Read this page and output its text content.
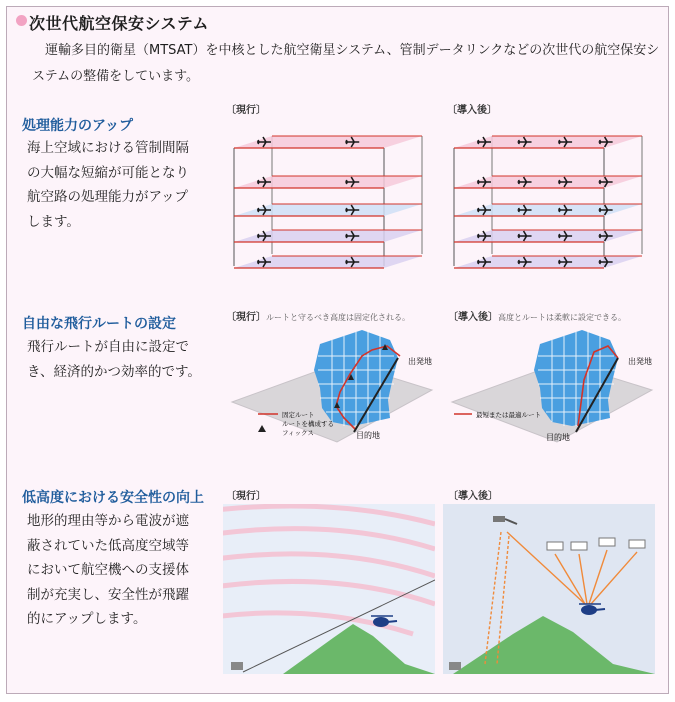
次世代航空保安システム

運輸多目的衛星（MTSAT）を中核とした航空衛星システム、管制データリンクなどの次世代の航空保安システムの整備をしています。

処理能力のアップ
海上空域における管制間隔
の大幅な短縮が可能となり
航空路の処理能力がアップ
します。
〔現行〕	〔導入後〕
自由な飛行ルートの設定
飛行ルートが自由に設定で
き、経済的かつ効率的です。
〔現行〕ルートと守るべき高度は固定化される。	〔導入後〕高度とルートは柔軟に設定できる。
出発地
目的地
固定ルート
ルートを構成する
フィックス
出発地
目的地
最短または最適ルート
低高度における安全性の向上
地形的理由等から電波が遮
蔽されていた低高度空域等
において航空機への支援体
制が充実し、安全性が飛躍
的にアップします。
〔現行〕	〔導入後〕
